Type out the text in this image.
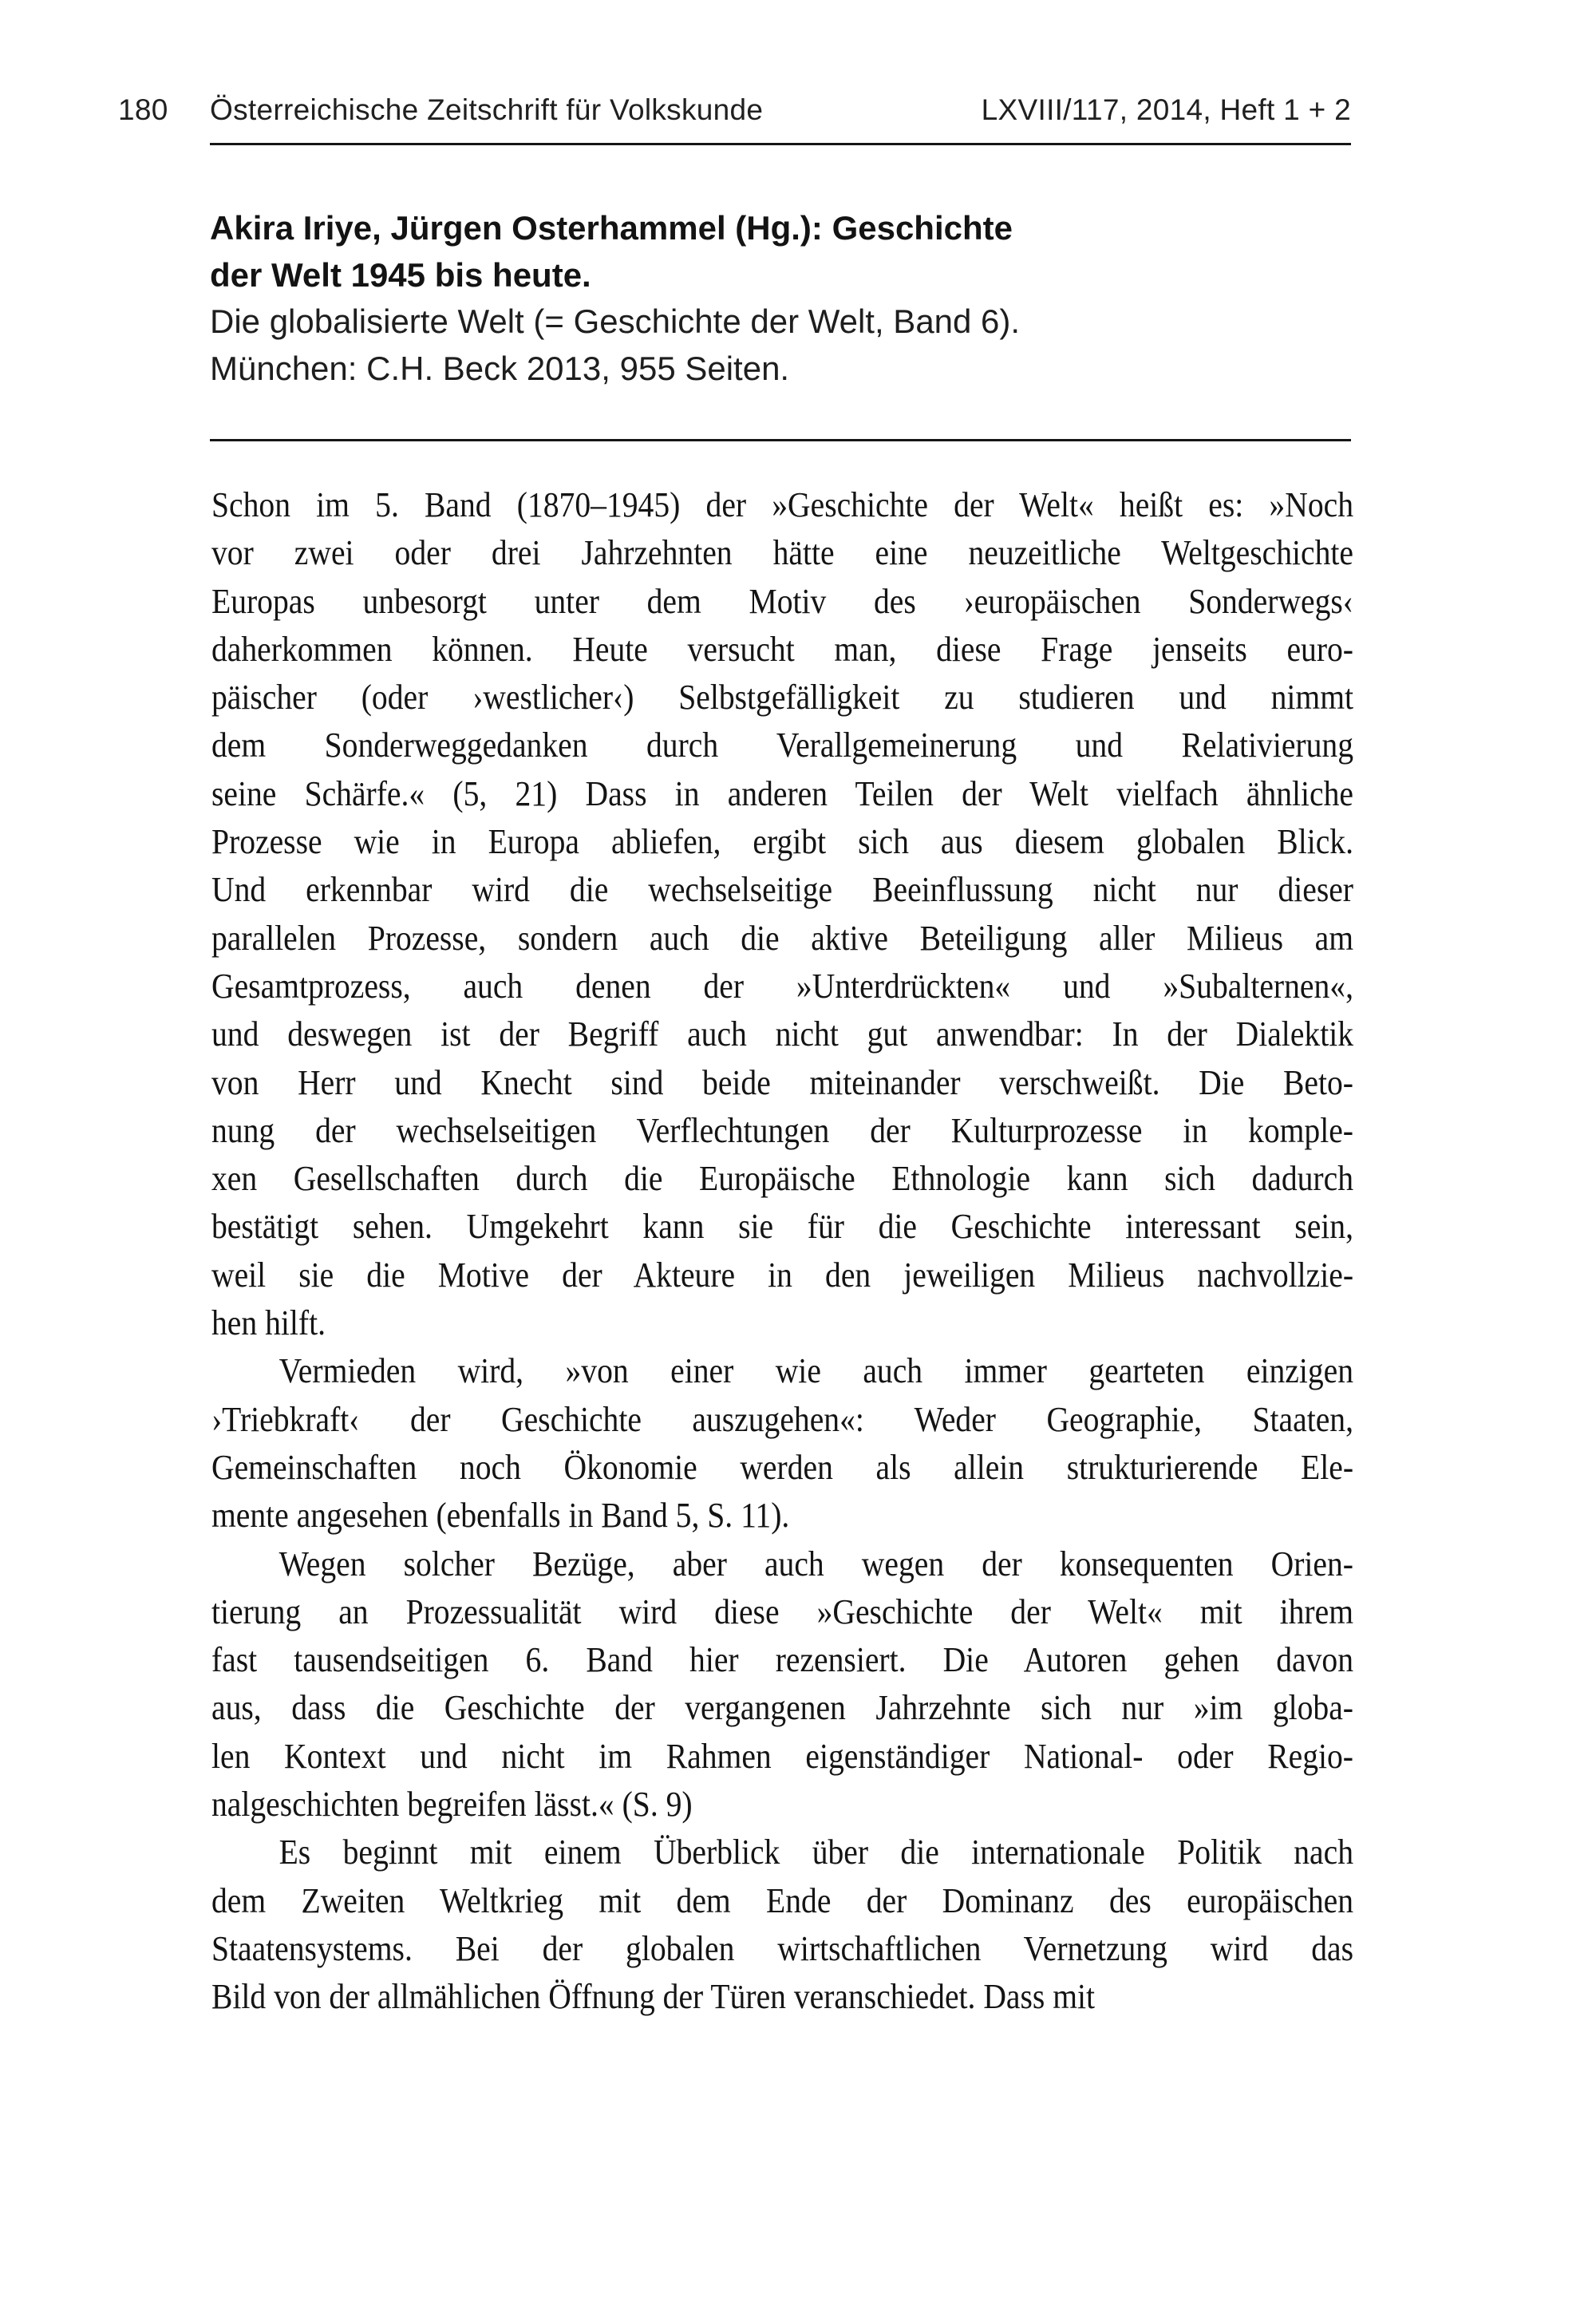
180 Österreichische Zeitschrift für Volkskunde	LXVIII/117, 2014, Heft 1 + 2
Akira Iriye, Jürgen Osterhammel (Hg.): Geschichte
der Welt 1945 bis heute.
Die globalisierte Welt (= Geschichte der Welt, Band 6).
München: C.H. Beck 2013, 955 Seiten.
Schon im 5. Band (1870–1945) der »Geschichte der Welt« heißt es: »Noch
vor zwei oder drei Jahrzehnten hätte eine neuzeitliche Weltgeschichte
Europas unbesorgt unter dem Motiv des ›europäischen Sonderwegs‹
daherkommen können. Heute versucht man, diese Frage jenseits euro-
päischer (oder ›westlicher‹) Selbstgefälligkeit zu studieren und nimmt
dem Sonderweggedanken durch Verallgemeinerung und Relativierung
seine Schärfe.« (5, 21) Dass in anderen Teilen der Welt vielfach ähnliche
Prozesse wie in Europa abliefen, ergibt sich aus diesem globalen Blick.
Und erkennbar wird die wechselseitige Beeinflussung nicht nur dieser
parallelen Prozesse, sondern auch die aktive Beteiligung aller Milieus am
Gesamtprozess, auch denen der »Unterdrückten« und »Subalternen«,
und deswegen ist der Begriff auch nicht gut anwendbar: In der Dialektik
von Herr und Knecht sind beide miteinander verschweißt. Die Beto-
nung der wechselseitigen Verflechtungen der Kulturprozesse in komple-
xen Gesellschaften durch die Europäische Ethnologie kann sich dadurch
bestätigt sehen. Umgekehrt kann sie für die Geschichte interessant sein,
weil sie die Motive der Akteure in den jeweiligen Milieus nachvollzie-
hen hilft.
Vermieden wird, »von einer wie auch immer gearteten einzigen
›Triebkraft‹ der Geschichte auszugehen«: Weder Geographie, Staaten,
Gemeinschaften noch Ökonomie werden als allein strukturierende Ele-
mente angesehen (ebenfalls in Band 5, S. 11).
Wegen solcher Bezüge, aber auch wegen der konsequenten Orien-
tierung an Prozessualität wird diese »Geschichte der Welt« mit ihrem
fast tausendseitigen 6. Band hier rezensiert. Die Autoren gehen davon
aus, dass die Geschichte der vergangenen Jahrzehnte sich nur »im globa-
len Kontext und nicht im Rahmen eigenständiger National- oder Regio-
nalgeschichten begreifen lässt.« (S. 9)
Es beginnt mit einem Überblick über die internationale Politik nach
dem Zweiten Weltkrieg mit dem Ende der Dominanz des europäischen
Staatensystems. Bei der globalen wirtschaftlichen Vernetzung wird das
Bild von der allmählichen Öffnung der Türen veranschiedet. Dass mit
